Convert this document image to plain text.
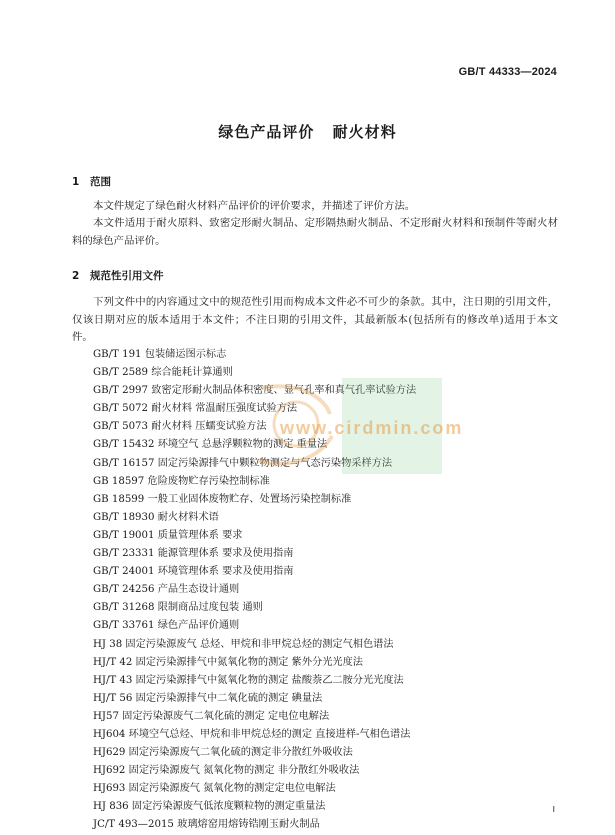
GB/T 44333—2024
绿色产品评价 耐火材料
1 范围
本文件规定了绿色耐火材料产品评价的评价要求，并描述了评价方法。
本文件适用于耐火原料、致密定形耐火制品、定形隔热耐火制品、不定形耐火材料和预制件等耐火材料的绿色产品评价。
2 规范性引用文件
下列文件中的内容通过文中的规范性引用而构成本文件必不可少的条款。其中，注日期的引用文件，仅该日期对应的版本适用于本文件；不注日期的引用文件，其最新版本(包括所有的修改单)适用于本文件。
GB/T 191 包装储运图示标志
GB/T 2589 综合能耗计算通则
GB/T 2997 致密定形耐火制品体积密度、显气孔率和真气孔率试验方法
GB/T 5072 耐火材料 常温耐压强度试验方法
GB/T 5073 耐火材料 压蠕变试验方法
GB/T 15432 环境空气 总悬浮颗粒物的测定 重量法
GB/T 16157 固定污染源排气中颗粒物测定与气态污染物采样方法
GB 18597 危险废物贮存污染控制标准
GB 18599 一般工业固体废物贮存、处置场污染控制标准
GB/T 18930 耐火材料术语
GB/T 19001 质量管理体系 要求
GB/T 23331 能源管理体系 要求及使用指南
GB/T 24001 环境管理体系 要求及使用指南
GB/T 24256 产品生态设计通则
GB/T 31268 限制商品过度包装 通则
GB/T 33761 绿色产品评价通则
HJ 38 固定污染源废气 总烃、甲烷和非甲烷总烃的测定气相色谱法
HJ/T 42 固定污染源排气中氮氧化物的测定 紫外分光光度法
HJ/T 43 固定污染源排气中氮氧化物的测定 盐酸萘乙二胺分光光度法
HJ/T 56 固定污染源排气中二氧化硫的测定 碘量法
HJ57 固定污染源废气二氧化硫的测定 定电位电解法
HJ604 环境空气总烃、甲烷和非甲烷总烃的测定 直接进样-气相色谱法
HJ629 固定污染源废气二氧化硫的测定非分散红外吸收法
HJ692 固定污染源废气 氮氧化物的测定 非分散红外吸收法
HJ693 固定污染源废气 氮氧化物的测定定电位电解法
HJ 836 固定污染源废气低浓度颗粒物的测定重量法
JC/T 493—2015 玻璃熔窑用熔铸锆刚玉耐火制品
www.cirdmin.com
I
